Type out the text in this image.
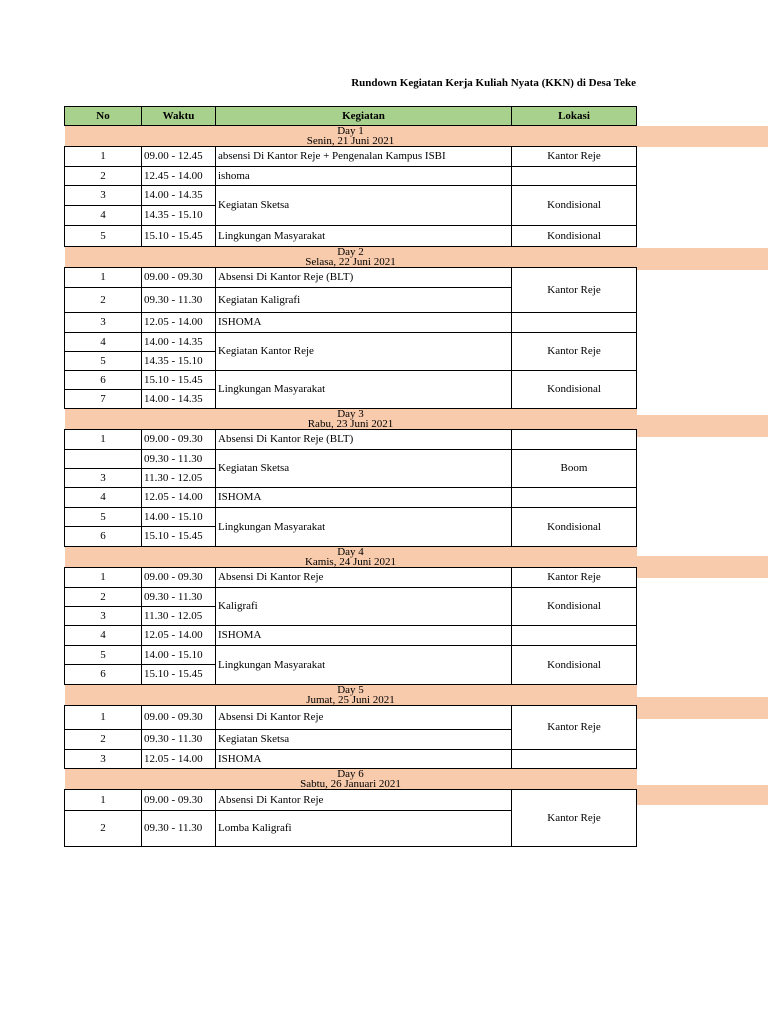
Rundown Kegiatan Kerja Kuliah Nyata (KKN) di Desa Teke
No	Waktu	Kegiatan	Lokasi

Day 1
Senin, 21 Juni 2021			

1	09.00 - 12.45	absensi Di Kantor Reje + Pengenalan Kampus ISBI	Kantor Reje
2	12.45 - 14.00	ishoma	
3	14.00 - 14.35	Kegiatan Sketsa	Kondisional
4	14.35 - 15.10		
5	15.10 - 15.45	Lingkungan Masyarakat	Kondisional

Day 2
Selasa, 22 Juni 2021			

1	09.00 - 09.30	Absensi Di Kantor Reje (BLT)	Kantor Reje
2	09.30 - 11.30	Kegiatan Kaligrafi	
3	12.05 - 14.00	ISHOMA	
4	14.00 - 14.35	Kegiatan Kantor Reje	Kantor Reje
5	14.35 - 15.10		
6	15.10 - 15.45	Lingkungan Masyarakat	Kondisional
7	14.00 - 14.35		

Day 3
Rabu, 23 Juni 2021			

1	09.00 - 09.30	Absensi Di Kantor Reje (BLT)	
	09.30 - 11.30	Kegiatan Sketsa	Boom
3	11.30 - 12.05		
4	12.05 - 14.00	ISHOMA	
5	14.00 - 15.10	Lingkungan Masyarakat	Kondisional
6	15.10 - 15.45		

Day 4
Kamis, 24 Juni 2021			

1	09.00 - 09.30	Absensi Di Kantor Reje	Kantor Reje
2	09.30 - 11.30	Kaligrafi	Kondisional
3	11.30 - 12.05		
4	12.05 - 14.00	ISHOMA	
5	14.00 - 15.10	Lingkungan Masyarakat	Kondisional
6	15.10 - 15.45		

Day 5
Jumat, 25 Juni 2021			

1	09.00 - 09.30	Absensi Di Kantor Reje	Kantor Reje
2	09.30 - 11.30	Kegiatan Sketsa	
3	12.05 - 14.00	ISHOMA	

Day 6
Sabtu, 26 Januari 2021			

1	09.00 - 09.30	Absensi Di Kantor Reje	Kantor Reje
2	09.30 - 11.30	Lomba Kaligrafi	
